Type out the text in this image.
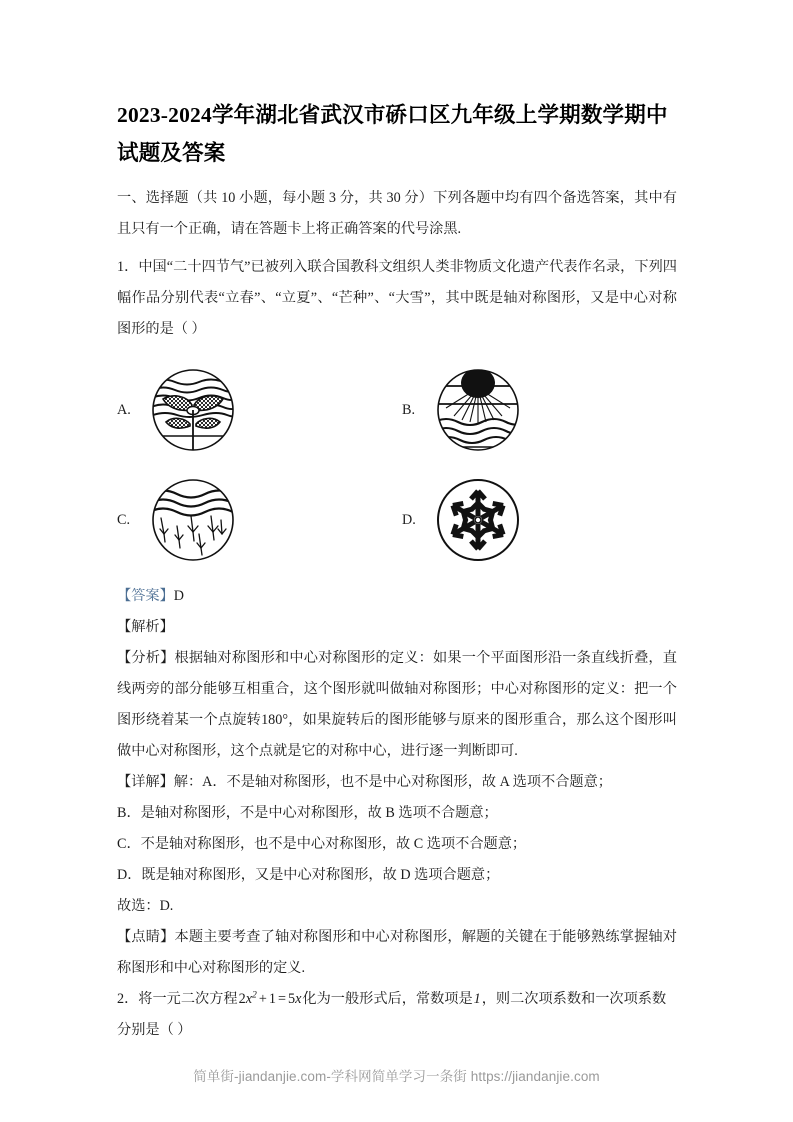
2023-2024学年湖北省武汉市硚口区九年级上学期数学期中试题及答案

一、选择题（共 10 小题，每小题 3 分，共 30 分）下列各题中均有四个备选答案，其中有且只有一个正确，请在答题卡上将正确答案的代号涂黑.

1．中国“二十四节气”已被列入联合国教科文组织人类非物质文化遗产代表作名录，下列四幅作品分别代表“立春”、“立夏”、“芒种”、“大雪”，其中既是轴对称图形，又是中心对称图形的是（ ）

A.	B.
C.	D.

【答案】D

【解析】

【分析】根据轴对称图形和中心对称图形的定义：如果一个平面图形沿一条直线折叠，直线两旁的部分能够互相重合，这个图形就叫做轴对称图形；中心对称图形的定义：把一个图形绕着某一个点旋转180°，如果旋转后的图形能够与原来的图形重合，那么这个图形叫做中心对称图形，这个点就是它的对称中心，进行逐一判断即可.

【详解】解：A．不是轴对称图形，也不是中心对称图形，故 A 选项不合题意；

B．是轴对称图形，不是中心对称图形，故 B 选项不合题意；

C．不是轴对称图形，也不是中心对称图形，故 C 选项不合题意；

D．既是轴对称图形，又是中心对称图形，故 D 选项合题意；

故选：D.

【点睛】本题主要考查了轴对称图形和中心对称图形，解题的关键在于能够熟练掌握轴对称图形和中心对称图形的定义.

2．将一元二次方程$2x^2 + 1 = 5x$化为一般形式后，常数项是1，则二次项系数和一次项系数

分别是（ ）

简单街-jiandanjie.com-学科网简单学习一条街 https://jiandanjie.com
